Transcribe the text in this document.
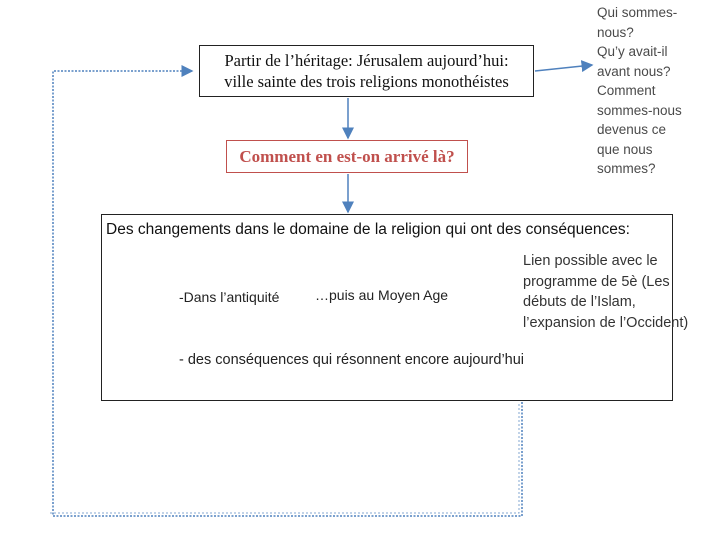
Partir de l’héritage: Jérusalem aujourd’hui:
ville sainte des trois religions monothéistes
Comment en est-on arrivé là?
Qui sommes-
nous?
Qu’y avait-il
avant nous?
Comment
sommes-nous
devenus ce
que nous
sommes?
Des changements dans le domaine de la religion qui ont des conséquences:
-Dans l’antiquité	…puis au Moyen Age
- des conséquences qui résonnent encore aujourd’hui
Lien possible avec le
programme de 5è (Les
débuts de l’Islam,
l’expansion de l’Occident)
